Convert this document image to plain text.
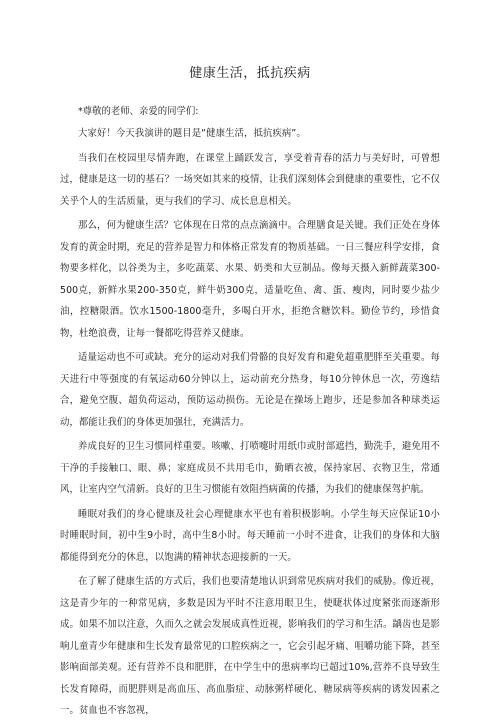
健康生活，抵抗疾病

*尊敬的老师、亲爱的同学们:

大家好！今天我演讲的题目是“健康生活，抵抗疾病”。

当我们在校园里尽情奔跑，在课堂上踊跃发言，享受着青春的活力与美好时，可曾想过，健康是这一切的基石？一场突如其来的疫情，让我们深刻体会到健康的重要性，它不仅关乎个人的生活质量，更与我们的学习、成长息息相关。

那么，何为健康生活？它体现在日常的点点滴滴中。合理膳食是关键。我们正处在身体发育的黄金时期，充足的营养是智力和体格正常发育的物质基础。一日三餐应科学安排，食物要多样化，以谷类为主，多吃蔬菜、水果、奶类和大豆制品。像每天摄入新鲜蔬菜300-500克，新鲜水果200-350克，鲜牛奶300克，适量吃鱼、禽、蛋、瘦肉，同时要少盐少油，控糖限酒。饮水1500-1800毫升，多喝白开水，拒绝含糖饮料。勤俭节约，珍惜食物，杜绝浪费，让每一餐都吃得营养又健康。

适量运动也不可或缺。充分的运动对我们骨骼的良好发育和避免超重肥胖至关重要。每天进行中等强度的有氧运动60分钟以上，运动前充分热身，每10分钟休息一次，劳逸结合，避免空腹、超负荷运动，预防运动损伤。无论是在操场上跑步，还是参加各种球类运动，都能让我们的身体更加强壮，充满活力。

养成良好的卫生习惯同样重要。咳嗽、打喷嚏时用纸巾或肘部遮挡，勤洗手，避免用不干净的手接触口、眼、鼻；家庭成员不共用毛巾，勤晒衣被，保持家居、衣物卫生，常通风，让室内空气清新。良好的卫生习惯能有效阻挡病菌的传播，为我们的健康保驾护航。

睡眠对我们的身心健康及社会心理健康水平也有着积极影响。小学生每天应保证10小时睡眠时间，初中生9小时，高中生8小时。每天睡前一小时不进食，让我们的身体和大脑都能得到充分的休息，以饱满的精神状态迎接新的一天。

在了解了健康生活的方式后，我们也要清楚地认识到常见疾病对我们的威胁。像近视，这是青少年的一种常见病，多数是因为平时不注意用眼卫生，使睫状体过度紧张而逐渐形成。如果不加以注意，久而久之就会发展成真性近视，影响我们的学习和生活。龋齿也是影响儿童青少年健康和生长发育最常见的口腔疾病之一，它会引起牙痛、咀嚼功能下降，甚至影响面部美观。还有营养不良和肥胖，在中学生中的患病率均已超过10%,营养不良导致生长发育障碍，而肥胖则是高血压、高血脂症、动脉粥样硬化、糖尿病等疾病的诱发因素之一。贫血也不容忽视，
